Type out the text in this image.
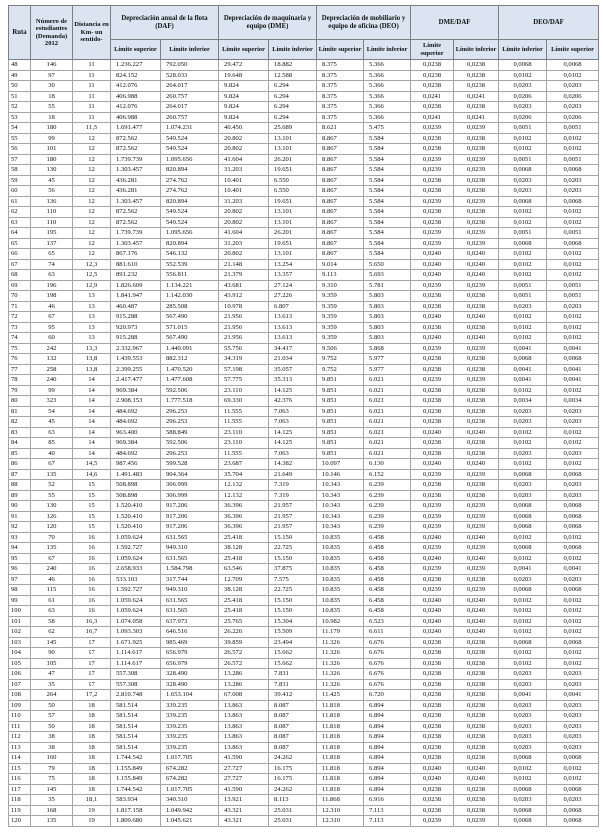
Ruta	Número de estudiantes (Demanda) 2012	Distancia en Km- un sentido-	Depreciación anual de la flota (DAF)		Depreciación de maquinaria y equipo (DME)		Depreciación de mobiliario y equipo de oficina (DEO)		DME/DAF		DEO/DAF	
			Límite superior	Límite inferior	Límite superior	Límite inferior	Límite superior	Límite inferior	Límite superior	Límite inferior	Límite inferior	Límite superior
48	146	11	1.236.227	792.050	29.472	18.882	8.375	5.366	0,0238	0,0238	0,0068	0,0068
49	97	11	824.152	528.033	19.648	12.588	8.375	5.366	0,0238	0,0238	0,0102	0,0102
50	30	11	412.076	264.017	9.824	6.294	8.375	5.366	0,0238	0,0238	0,0203	0,0203
51	18	11	406.988	260.757	9.824	6.294	8.375	5.366	0,0241	0,0241	0,0206	0,0206
52	55	11	412.076	264.017	9.824	6.294	8.375	5.366	0,0238	0,0238	0,0203	0,0203
53	18	11	406.988	260.757	9.824	6.294	8.375	5.366	0,0241	0,0241	0,0206	0,0206
54	180	11,5	1.691.477	1.074.231	40.450	25.689	8.621	5.475	0,0239	0,0239	0,0051	0,0051
55	99	12	872.562	549.524	20.802	13.101	8.867	5.584	0,0238	0,0238	0,0102	0,0102
56	101	12	872.562	549.524	20.802	13.101	8.867	5.584	0,0238	0,0238	0,0102	0,0102
57	180	12	1.739.739	1.095.656	41.604	26.201	8.867	5.584	0,0239	0,0239	0,0051	0,0051
58	130	12	1.303.457	820.894	31.203	19.651	8.867	5.584	0,0239	0,0239	0,0068	0,0068
59	45	12	436.281	274.762	10.401	6.550	8.867	5.584	0,0238	0,0238	0,0203	0,0203
60	56	12	436.281	274.762	10.401	6.550	8.867	5.584	0,0238	0,0238	0,0203	0,0203
61	136	12	1.303.457	820.894	31.203	19.651	8.867	5.584	0,0239	0,0239	0,0068	0,0068
62	110	12	872.562	549.524	20.802	13.101	8.867	5.584	0,0238	0,0238	0,0102	0,0102
63	110	12	872.562	549.524	20.802	13.101	8.867	5.584	0,0238	0,0238	0,0102	0,0102
64	195	12	1.739.739	1.095.656	41.604	26.201	8.867	5.584	0,0239	0,0239	0,0051	0,0051
65	137	12	1.303.457	820.894	31.203	19.651	8.867	5.584	0,0239	0,0239	0,0068	0,0068
66	65	12	867.176	546.132	20.802	13.101	8.867	5.584	0,0240	0,0240	0,0102	0,0102
67	74	12,3	881.610	552.539	21.148	13.254	9.014	5.650	0,0240	0,0240	0,0102	0,0102
68	63	12,5	891.232	556.811	21.379	13.357	9.113	5.693	0,0240	0,0240	0,0102	0,0102
69	196	12,9	1.826.609	1.134.221	43.681	27.124	9.310	5.781	0,0239	0,0239	0,0051	0,0051
70	198	13	1.841.947	1.142.030	43.912	27.226	9.359	5.803	0,0238	0,0238	0,0051	0,0051
71	46	13	460.487	285.508	10.978	6.807	9.359	5.803	0,0238	0,0238	0,0203	0,0203
72	67	13	915.288	567.490	21.956	13.613	9.359	5.803	0,0240	0,0240	0,0102	0,0102
73	95	13	920.973	571.015	21.956	13.613	9.359	5.803	0,0238	0,0238	0,0102	0,0102
74	60	13	915.288	567.490	21.956	13.613	9.359	5.803	0,0240	0,0240	0,0102	0,0102
75	242	13,3	2.332.967	1.440.091	55.756	34.417	9.506	5.868	0,0239	0,0239	0,0041	0,0041
76	132	13,8	1.439.553	882.312	34.319	21.034	9.752	5.977	0,0238	0,0238	0,0068	0,0068
77	258	13,8	2.399.255	1.470.520	57.198	35.057	9.752	5.977	0,0238	0,0238	0,0041	0,0041
78	240	14	2.417.477	1.477.608	57.775	35.313	9.851	6.021	0,0239	0,0239	0,0041	0,0041
79	99	14	969.384	592.506	23.110	14.125	9.851	6.021	0,0238	0,0238	0,0102	0,0102
80	323	14	2.908.153	1.777.518	69.330	42.376	9.851	6.021	0,0238	0,0238	0,0034	0,0034
81	54	14	484.692	296.253	11.555	7.063	9.851	6.021	0,0238	0,0238	0,0203	0,0203
82	45	14	484.692	296.253	11.555	7.063	9.851	6.021	0,0238	0,0238	0,0203	0,0203
83	63	14	963.400	588.849	23.110	14.125	9.851	6.021	0,0240	0,0240	0,0102	0,0102
84	85	14	969.384	592.506	23.110	14.125	9.851	6.021	0,0238	0,0238	0,0102	0,0102
85	40	14	484.692	296.253	11.555	7.063	9.851	6.021	0,0238	0,0238	0,0203	0,0203
86	67	14,5	987.456	599.528	23.687	14.382	10.097	6.130	0,0240	0,0240	0,0102	0,0102
87	135	14,6	1.491.483	904.364	35.704	21.649	10.146	6.152	0,0239	0,0239	0,0068	0,0068
88	52	15	508.898	306.999	12.132	7.319	10.343	6.239	0,0238	0,0238	0,0203	0,0203
89	55	15	508.898	306.999	12.132	7.319	10.343	6.239	0,0238	0,0238	0,0203	0,0203
90	130	15	1.520.410	917.206	36.396	21.957	10.343	6.239	0,0239	0,0239	0,0068	0,0068
91	126	15	1.520.410	917.206	36.396	21.957	10.343	6.239	0,0239	0,0239	0,0068	0,0068
92	120	15	1.520.410	917.206	36.396	21.957	10.343	6.239	0,0239	0,0239	0,0068	0,0068
93	70	16	1.059.624	631.565	25.418	15.150	10.835	6.458	0,0240	0,0240	0,0102	0,0102
94	135	16	1.592.727	949.310	38.128	22.725	10.835	6.458	0,0239	0,0239	0,0068	0,0068
95	67	16	1.059.624	631.565	25.418	15.150	10.835	6.458	0,0240	0,0240	0,0102	0,0102
96	240	16	2.658.933	1.584.798	63.546	37.875	10.835	6.458	0,0239	0,0239	0,0041	0,0041
97	46	16	533.103	317.744	12.709	7.575	10.835	6.458	0,0238	0,0238	0,0203	0,0203
98	115	16	1.592.727	949.310	38.128	22.725	10.835	6.458	0,0239	0,0239	0,0068	0,0068
99	61	16	1.059.624	631.565	25.418	15.150	10.835	6.458	0,0240	0,0240	0,0102	0,0102
100	63	16	1.059.624	631.565	25.418	15.150	10.835	6.458	0,0240	0,0240	0,0102	0,0102
101	58	16,3	1.074.058	637.973	25.765	15.304	10.982	6.523	0,0240	0,0240	0,0102	0,0102
102	62	16,7	1.093.303	646.516	26.226	15.509	11.179	6.611	0,0240	0,0240	0,0102	0,0102
103	145	17	1.671.925	985.469	39.859	23.494	11.326	6.676	0,0238	0,0238	0,0068	0,0068
104	90	17	1.114.617	656.979	26.572	15.662	11.326	6.676	0,0238	0,0238	0,0102	0,0102
105	105	17	1.114.617	656.979	26.572	15.662	11.326	6.676	0,0238	0,0238	0,0102	0,0102
106	47	17	557.308	328.490	13.286	7.831	11.326	6.676	0,0238	0,0238	0,0203	0,0203
107	35	17	557.308	328.490	13.286	7.831	11.326	6.676	0,0238	0,0238	0,0203	0,0203
108	264	17,2	2.810.748	1.653.104	67.008	39.412	11.425	6.720	0,0238	0,0238	0,0041	0,0041
109	50	18	581.514	339.235	13.863	8.087	11.818	6.894	0,0238	0,0238	0,0203	0,0203
110	57	18	581.514	339.235	13.863	8.087	11.818	6.894	0,0238	0,0238	0,0203	0,0203
111	50	18	581.514	339.235	13.863	8.087	11.818	6.894	0,0238	0,0238	0,0203	0,0203
112	38	18	581.514	339.235	13.863	8.087	11.818	6.894	0,0238	0,0238	0,0203	0,0203
113	38	18	581.514	339.235	13.863	8.087	11.818	6.894	0,0238	0,0238	0,0203	0,0203
114	160	18	1.744.542	1.017.705	41.590	24.262	11.818	6.894	0,0238	0,0238	0,0068	0,0068
115	79	18	1.155.849	674.282	27.727	16.175	11.818	6.894	0,0240	0,0240	0,0102	0,0102
116	75	18	1.155.849	674.282	27.727	16.175	11.818	6.894	0,0240	0,0240	0,0102	0,0102
117	145	18	1.744.542	1.017.705	41.590	24.262	11.818	6.894	0,0238	0,0238	0,0068	0,0068
118	35	18,1	583.934	340.310	13.921	8.113	11.868	6.916	0,0238	0,0238	0,0203	0,0203
119	168	19	1.817.158	1.049.942	43.321	25.031	12.310	7.113	0,0238	0,0238	0,0068	0,0068
120	135	19	1.809.680	1.045.621	43.321	25.031	12.310	7.113	0,0239	0,0239	0,0068	0,0068
